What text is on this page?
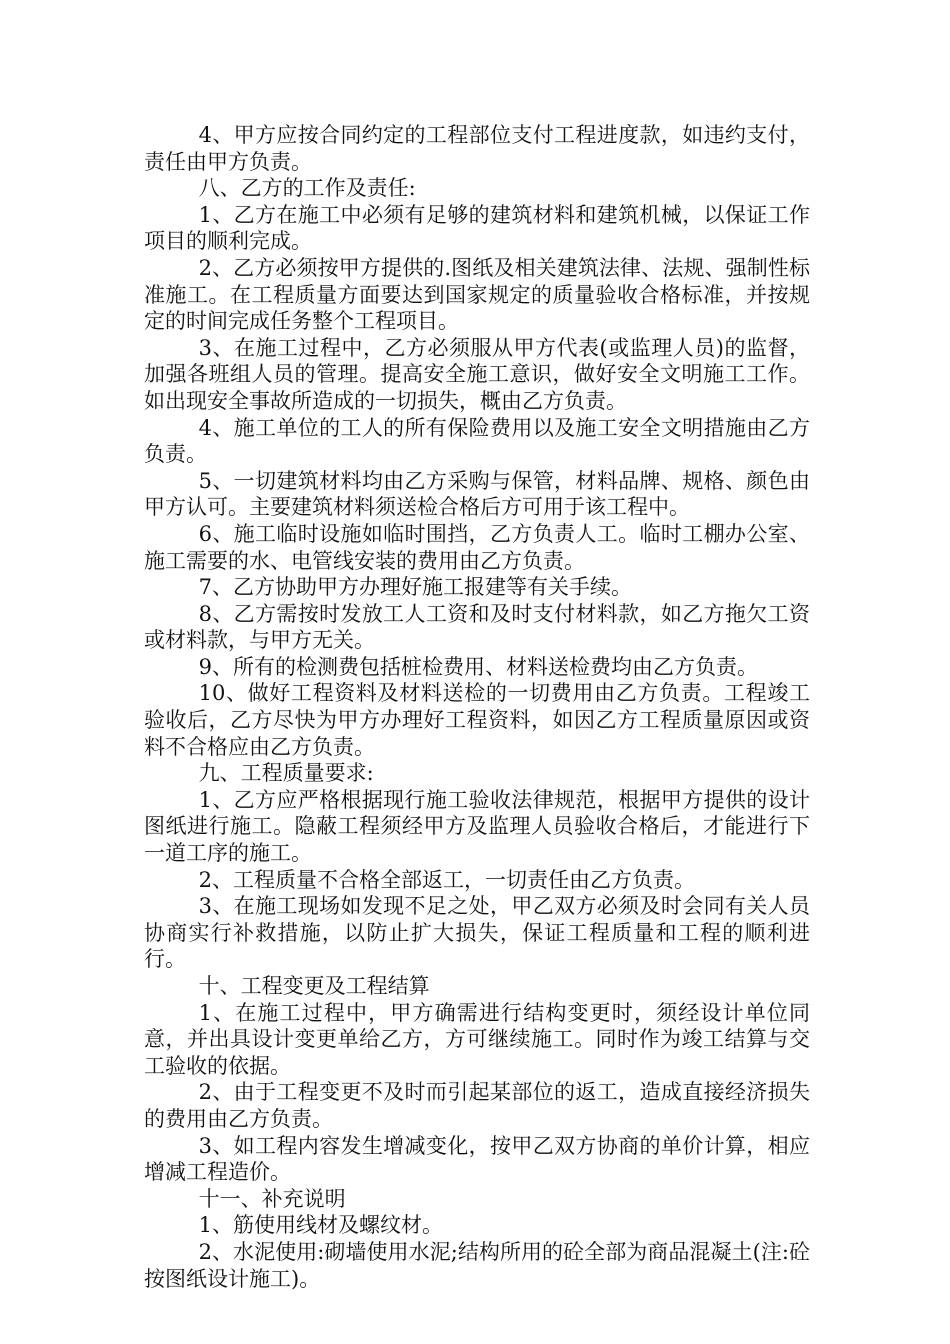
4、甲方应按合同约定的工程部位支付工程进度款，如违约支付，责任由甲方负责。

八、乙方的工作及责任:

1、乙方在施工中必须有足够的建筑材料和建筑机械，以保证工作项目的顺利完成。

2、乙方必须按甲方提供的.图纸及相关建筑法律、法规、强制性标准施工。在工程质量方面要达到国家规定的质量验收合格标准，并按规定的时间完成任务整个工程项目。

3、在施工过程中，乙方必须服从甲方代表(或监理人员)的监督，加强各班组人员的管理。提高安全施工意识，做好安全文明施工工作。如出现安全事故所造成的一切损失，概由乙方负责。

4、施工单位的工人的所有保险费用以及施工安全文明措施由乙方负责。

5、一切建筑材料均由乙方采购与保管，材料品牌、规格、颜色由甲方认可。主要建筑材料须送检合格后方可用于该工程中。

6、施工临时设施如临时围挡，乙方负责人工。临时工棚办公室、施工需要的水、电管线安装的费用由乙方负责。

7、乙方协助甲方办理好施工报建等有关手续。

8、乙方需按时发放工人工资和及时支付材料款，如乙方拖欠工资或材料款，与甲方无关。

9、所有的检测费包括桩检费用、材料送检费均由乙方负责。

10、做好工程资料及材料送检的一切费用由乙方负责。工程竣工验收后，乙方尽快为甲方办理好工程资料，如因乙方工程质量原因或资料不合格应由乙方负责。

九、工程质量要求:

1、乙方应严格根据现行施工验收法律规范，根据甲方提供的设计图纸进行施工。隐蔽工程须经甲方及监理人员验收合格后，才能进行下一道工序的施工。

2、工程质量不合格全部返工，一切责任由乙方负责。

3、在施工现场如发现不足之处，甲乙双方必须及时会同有关人员协商实行补救措施，以防止扩大损失，保证工程质量和工程的顺利进行。

十、工程变更及工程结算

1、在施工过程中，甲方确需进行结构变更时，须经设计单位同意，并出具设计变更单给乙方，方可继续施工。同时作为竣工结算与交工验收的依据。

2、由于工程变更不及时而引起某部位的返工，造成直接经济损失的费用由乙方负责。

3、如工程内容发生增减变化，按甲乙双方协商的单价计算，相应增减工程造价。

十一、补充说明

1、筋使用线材及螺纹材。

2、水泥使用:砌墙使用水泥;结构所用的砼全部为商品混凝土(注:砼按图纸设计施工)。
